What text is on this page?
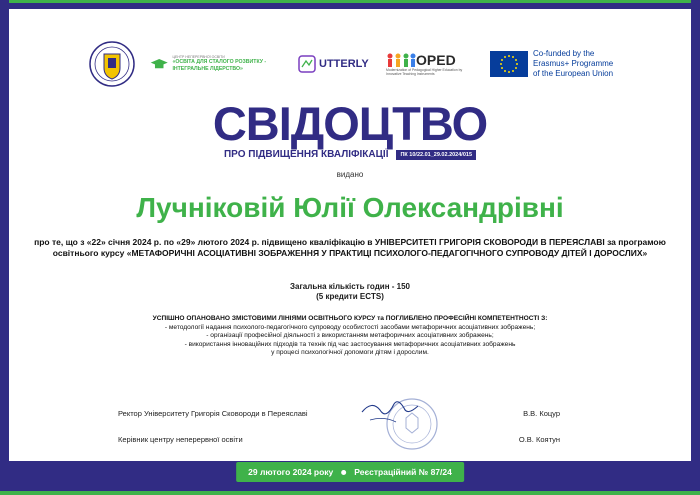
ЦЕНТР НЕПЕРЕРВНОЇ ОСВІТИ
«ОСВІТА ДЛЯ СТАЛОГО РОЗВИТКУ - ІНТЕГРАЛЬНЕ ЛІДЕРСТВО»	UTTERLY	OPED
Modernization of Pedagogical Higher Education by Innovative Teaching Instruments
Co-funded by the
Erasmus+ Programme
of the European Union
СВІДОЦТВО
ПРО ПІДВИЩЕННЯ КВАЛІФІКАЦІЇ	ПК 10/22.01_29.02.2024/015
видано
Лучніковій Юлії Олександрівні
про те, що з «22» січня 2024 р. по «29» лютого 2024 р. підвищено кваліфікацію в УНІВЕРСИТЕТІ ГРИГОРІЯ СКОВОРОДИ В ПЕРЕЯСЛАВІ за програмою освітнього курсу «МЕТАФОРИЧНІ АСОЦІАТИВНІ ЗОБРАЖЕННЯ У ПРАКТИЦІ ПСИХОЛОГО-ПЕДАГОГІЧНОГО СУПРОВОДУ ДІТЕЙ І ДОРОСЛИХ»
Загальна кількість годин - 150
(5 кредити ECTS)
УСПІШНО ОПАНОВАНО ЗМІСТОВИМИ ЛІНІЯМИ ОСВІТНЬОГО КУРСУ та ПОГЛИБЛЕНО ПРОФЕСІЙНІ КОМПЕТЕНТНОСТІ З:
- методології надання психолого-педагогічного супроводу особистості засобами метафоричних асоціативних зображень;
- організації професійної діяльності з використанням метафоричних асоціативних зображень;
- використання інноваційних підходів та технік під час застосування метафоричних асоціативних зображень
у процесі психологічної допомоги дітям і дорослим.
Ректор Університету Григорія Сковороди в Переяславі	В.В. Коцур
Керівник центру неперервної освіти	О.В. Коятун
29 лютого 2024 року Реєстраційний № 87/24
